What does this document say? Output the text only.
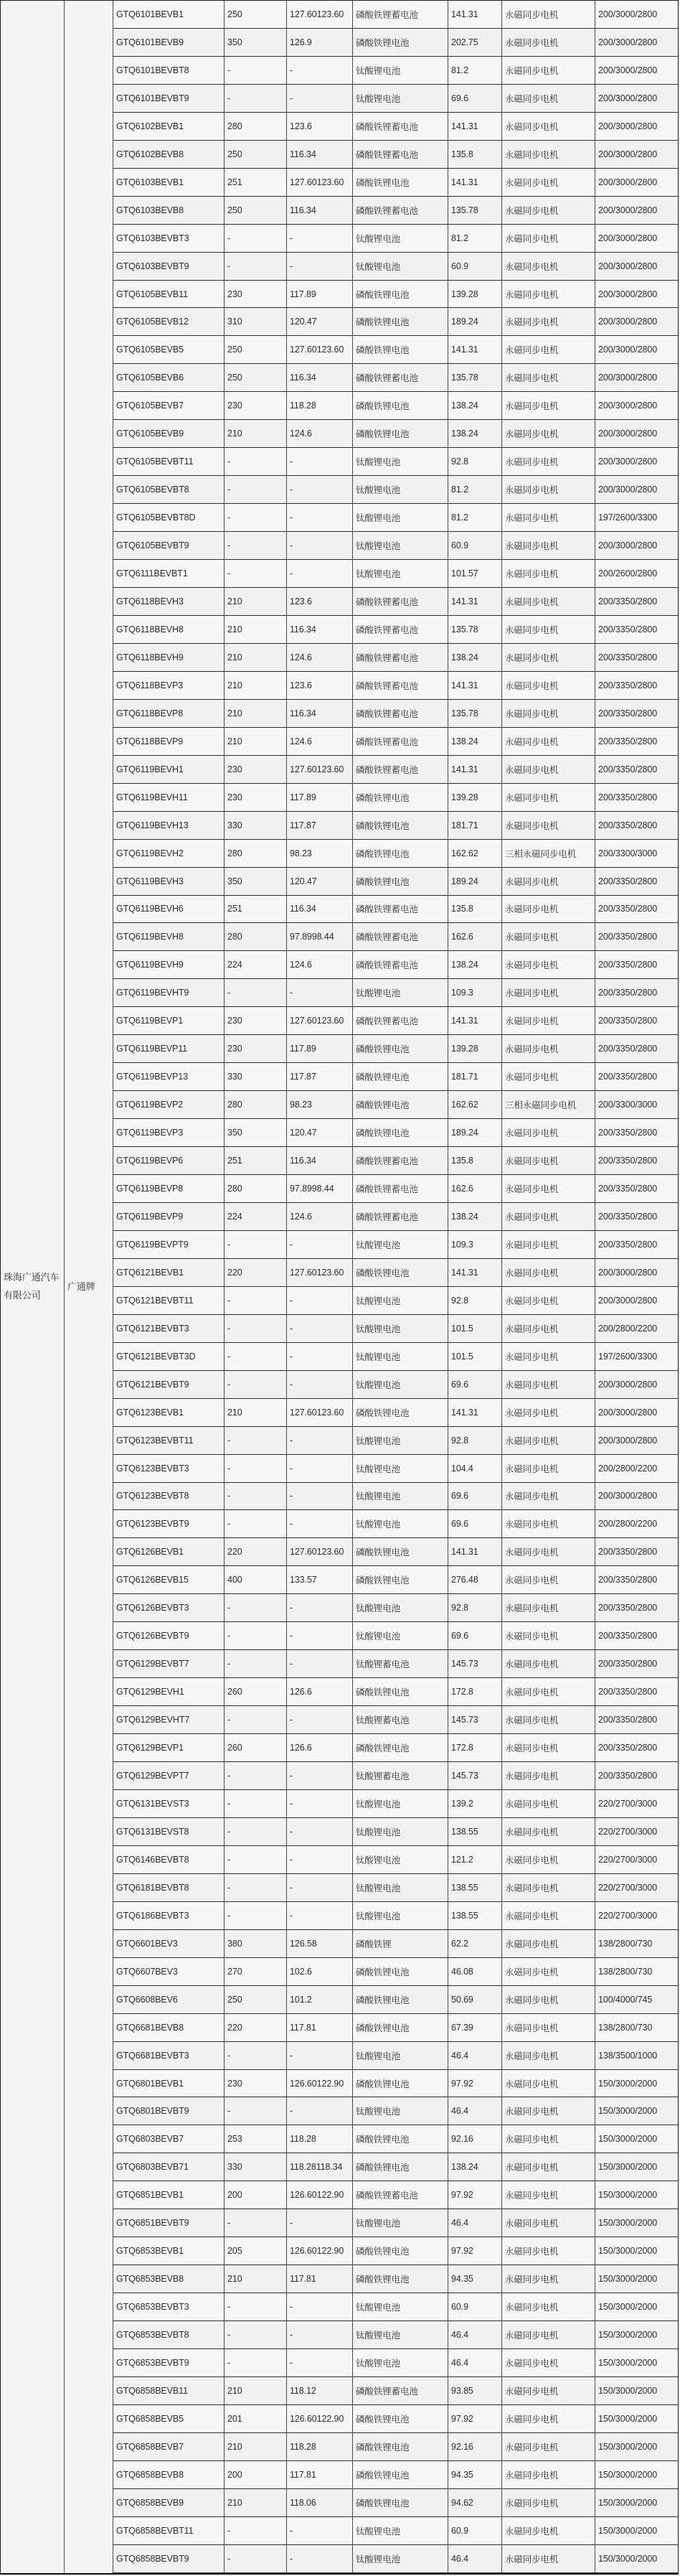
珠海广通汽车有限公司
广通牌
GTQ6101BEVB1	250	127.60123.60	磷酸铁锂蓄电池	141.31	永磁同步电机	200/3000/2800
GTQ6101BEVB9	350	126.9	磷酸铁锂电池	202.75	永磁同步电机	200/3000/2800
GTQ6101BEVBT8	-	-	钛酸锂电池	81.2	永磁同步电机	200/3000/2800
GTQ6101BEVBT9	-	-	钛酸锂电池	69.6	永磁同步电机	200/3000/2800
GTQ6102BEVB1	280	123.6	磷酸铁锂蓄电池	141.31	永磁同步电机	200/3000/2800
GTQ6102BEVB8	250	116.34	磷酸铁锂蓄电池	135.8	永磁同步电机	200/3000/2800
GTQ6103BEVB1	251	127.60123.60	磷酸铁锂电池	141.31	永磁同步电机	200/3000/2800
GTQ6103BEVB8	250	116.34	磷酸铁锂蓄电池	135.78	永磁同步电机	200/3000/2800
GTQ6103BEVBT3	-	-	钛酸锂电池	81.2	永磁同步电机	200/3000/2800
GTQ6103BEVBT9	-	-	钛酸锂电池	60.9	永磁同步电机	200/3000/2800
GTQ6105BEVB11	230	117.89	磷酸铁锂电池	139.28	永磁同步电机	200/3000/2800
GTQ6105BEVB12	310	120.47	磷酸铁锂电池	189.24	永磁同步电机	200/3000/2800
GTQ6105BEVB5	250	127.60123.60	磷酸铁锂电池	141.31	永磁同步电机	200/3000/2800
GTQ6105BEVB6	250	116.34	磷酸铁锂蓄电池	135.78	永磁同步电机	200/3000/2800
GTQ6105BEVB7	230	118.28	磷酸铁锂电池	138.24	永磁同步电机	200/3000/2800
GTQ6105BEVB9	210	124.6	磷酸铁锂电池	138.24	永磁同步电机	200/3000/2800
GTQ6105BEVBT11	-	-	钛酸锂电池	92.8	永磁同步电机	200/3000/2800
GTQ6105BEVBT8	-	-	钛酸锂电池	81.2	永磁同步电机	200/3000/2800
GTQ6105BEVBT8D	-	-	钛酸锂电池	81.2	永磁同步电机	197/2600/3300
GTQ6105BEVBT9	-	-	钛酸锂电池	60.9	永磁同步电机	200/3000/2800
GTQ6111BEVBT1	-	-	钛酸锂电池	101.57	永磁同步电机	200/2600/2800
GTQ6118BEVH3	210	123.6	磷酸铁锂蓄电池	141.31	永磁同步电机	200/3350/2800
GTQ6118BEVH8	210	116.34	磷酸铁锂蓄电池	135.78	永磁同步电机	200/3350/2800
GTQ6118BEVH9	210	124.6	磷酸铁锂蓄电池	138.24	永磁同步电机	200/3350/2800
GTQ6118BEVP3	210	123.6	磷酸铁锂蓄电池	141.31	永磁同步电机	200/3350/2800
GTQ6118BEVP8	210	116.34	磷酸铁锂蓄电池	135.78	永磁同步电机	200/3350/2800
GTQ6118BEVP9	210	124.6	磷酸铁锂蓄电池	138.24	永磁同步电机	200/3350/2800
GTQ6119BEVH1	230	127.60123.60	磷酸铁锂蓄电池	141.31	永磁同步电机	200/3350/2800
GTQ6119BEVH11	230	117.89	磷酸铁锂电池	139.28	永磁同步电机	200/3350/2800
GTQ6119BEVH13	330	117.87	磷酸铁锂电池	181.71	永磁同步电机	200/3350/2800
GTQ6119BEVH2	280	98.23	磷酸铁锂电池	162.62	三相永磁同步电机	200/3300/3000
GTQ6119BEVH3	350	120.47	磷酸铁锂电池	189.24	永磁同步电机	200/3350/2800
GTQ6119BEVH6	251	116.34	磷酸铁锂蓄电池	135.8	永磁同步电机	200/3350/2800
GTQ6119BEVH8	280	97.8998.44	磷酸铁锂蓄电池	162.6	永磁同步电机	200/3350/2800
GTQ6119BEVH9	224	124.6	磷酸铁锂蓄电池	138.24	永磁同步电机	200/3350/2800
GTQ6119BEVHT9	-	-	钛酸锂电池	109.3	永磁同步电机	200/3350/2800
GTQ6119BEVP1	230	127.60123.60	磷酸铁锂蓄电池	141.31	永磁同步电机	200/3350/2800
GTQ6119BEVP11	230	117.89	磷酸铁锂电池	139.28	永磁同步电机	200/3350/2800
GTQ6119BEVP13	330	117.87	磷酸铁锂电池	181.71	永磁同步电机	200/3350/2800
GTQ6119BEVP2	280	98.23	磷酸铁锂电池	162.62	三相永磁同步电机	200/3300/3000
GTQ6119BEVP3	350	120.47	磷酸铁锂电池	189.24	永磁同步电机	200/3350/2800
GTQ6119BEVP6	251	116.34	磷酸铁锂蓄电池	135.8	永磁同步电机	200/3350/2800
GTQ6119BEVP8	280	97.8998.44	磷酸铁锂蓄电池	162.6	永磁同步电机	200/3350/2800
GTQ6119BEVP9	224	124.6	磷酸铁锂蓄电池	138.24	永磁同步电机	200/3350/2800
GTQ6119BEVPT9	-	-	钛酸锂电池	109.3	永磁同步电机	200/3350/2800
GTQ6121BEVB1	220	127.60123.60	磷酸铁锂电池	141.31	永磁同步电机	200/3000/2800
GTQ6121BEVBT11	-	-	钛酸锂电池	92.8	永磁同步电机	200/3000/2800
GTQ6121BEVBT3	-	-	钛酸锂电池	101.5	永磁同步电机	200/2800/2200
GTQ6121BEVBT3D	-	-	钛酸锂电池	101.5	永磁同步电机	197/2600/3300
GTQ6121BEVBT9	-	-	钛酸锂电池	69.6	永磁同步电机	200/3000/2800
GTQ6123BEVB1	210	127.60123.60	磷酸铁锂电池	141.31	永磁同步电机	200/3000/2800
GTQ6123BEVBT11	-	-	钛酸锂电池	92.8	永磁同步电机	200/3000/2800
GTQ6123BEVBT3	-	-	钛酸锂电池	104.4	永磁同步电机	200/2800/2200
GTQ6123BEVBT8	-	-	钛酸锂电池	69.6	永磁同步电机	200/3000/2800
GTQ6123BEVBT9	-	-	钛酸锂电池	69.6	永磁同步电机	200/2800/2200
GTQ6126BEVB1	220	127.60123.60	磷酸铁锂电池	141.31	永磁同步电机	200/3350/2800
GTQ6126BEVB15	400	133.57	磷酸铁锂电池	276.48	永磁同步电机	200/3350/2800
GTQ6126BEVBT3	-	-	钛酸锂电池	92.8	永磁同步电机	200/3350/2800
GTQ6126BEVBT9	-	-	钛酸锂电池	69.6	永磁同步电机	200/3350/2800
GTQ6129BEVBT7	-	-	钛酸锂蓄电池	145.73	永磁同步电机	200/3350/2800
GTQ6129BEVH1	260	126.6	磷酸铁锂电池	172.8	永磁同步电机	200/3350/2800
GTQ6129BEVHT7	-	-	钛酸锂蓄电池	145.73	永磁同步电机	200/3350/2800
GTQ6129BEVP1	260	126.6	磷酸铁锂电池	172.8	永磁同步电机	200/3350/2800
GTQ6129BEVPT7	-	-	钛酸锂蓄电池	145.73	永磁同步电机	200/3350/2800
GTQ6131BEVST3	-	-	钛酸锂电池	139.2	永磁同步电机	220/2700/3000
GTQ6131BEVST8	-	-	钛酸锂电池	138.55	永磁同步电机	220/2700/3000
GTQ6146BEVBT8	-	-	钛酸锂电池	121.2	永磁同步电机	220/2700/3000
GTQ6181BEVBT8	-	-	钛酸锂电池	138.55	永磁同步电机	220/2700/3000
GTQ6186BEVBT3	-	-	钛酸锂电池	138.55	永磁同步电机	220/2700/3000
GTQ6601BEV3	380	126.58	磷酸铁锂	62.2	永磁同步电机	138/2800/730
GTQ6607BEV3	270	102.6	磷酸铁锂电池	46.08	永磁同步电机	138/2800/730
GTQ6608BEV6	250	101.2	磷酸铁锂电池	50.69	永磁同步电机	100/4000/745
GTQ6681BEVB8	220	117.81	磷酸铁锂电池	67.39	永磁同步电机	138/2800/730
GTQ6681BEVBT3	-	-	钛酸锂电池	46.4	永磁同步电机	138/3500/1000
GTQ6801BEVB1	230	126.60122.90	磷酸铁锂电池	97.92	永磁同步电机	150/3000/2000
GTQ6801BEVBT9	-	-	钛酸锂电池	46.4	永磁同步电机	150/3000/2000
GTQ6803BEVB7	253	118.28	磷酸铁锂电池	92.16	永磁同步电机	150/3000/2000
GTQ6803BEVB71	330	118.28118.34	磷酸铁锂电池	138.24	永磁同步电机	150/3000/2000
GTQ6851BEVB1	200	126.60122.90	磷酸铁锂蓄电池	97.92	永磁同步电机	150/3000/2000
GTQ6851BEVBT9	-	-	钛酸锂电池	46.4	永磁同步电机	150/3000/2000
GTQ6853BEVB1	205	126.60122.90	磷酸铁锂电池	97.92	永磁同步电机	150/3000/2000
GTQ6853BEVB8	210	117.81	磷酸铁锂电池	94.35	永磁同步电机	150/3000/2000
GTQ6853BEVBT3	-	-	钛酸锂电池	60.9	永磁同步电机	150/3000/2000
GTQ6853BEVBT8	-	-	钛酸锂电池	46.4	永磁同步电机	150/3000/2000
GTQ6853BEVBT9	-	-	钛酸锂电池	46.4	永磁同步电机	150/3000/2000
GTQ6858BEVB11	210	118.12	磷酸铁锂蓄电池	93.85	永磁同步电机	150/3000/2000
GTQ6858BEVB5	201	126.60122.90	磷酸铁锂电池	97.92	永磁同步电机	150/3000/2000
GTQ6858BEVB7	210	118.28	磷酸铁锂电池	92.16	永磁同步电机	150/3000/2000
GTQ6858BEVB8	200	117.81	磷酸铁锂电池	94.35	永磁同步电机	150/3000/2000
GTQ6858BEVB9	210	118.06	磷酸铁锂电池	94.62	永磁同步电机	150/3000/2000
GTQ6858BEVBT11	-	-	钛酸锂电池	60.9	永磁同步电机	150/3000/2000
GTQ6858BEVBT9	-	-	钛酸锂电池	46.4	永磁同步电机	150/3000/2000
